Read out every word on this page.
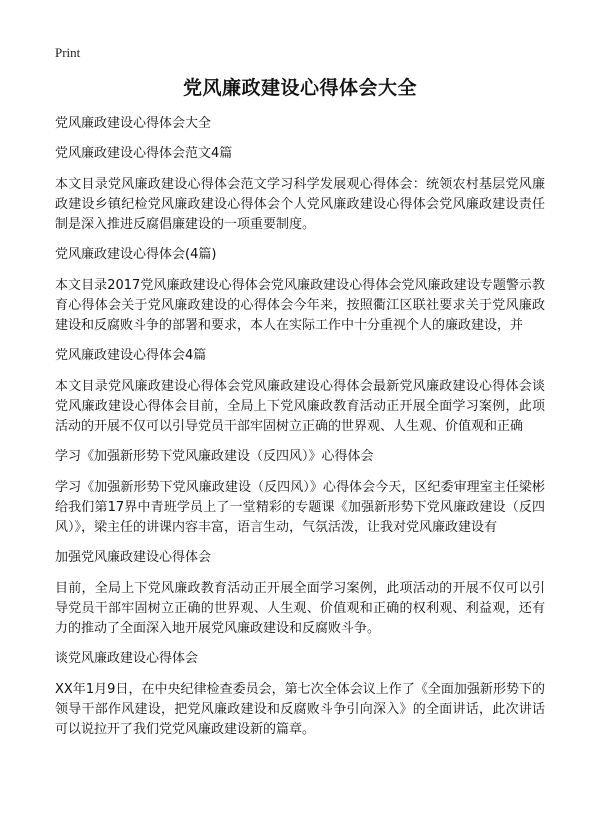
Print
党风廉政建设心得体会大全

党风廉政建设心得体会大全

党风廉政建设心得体会范文4篇

本文目录党风廉政建设心得体会范文学习科学发展观心得体会：统领农村基层党风廉政建设乡镇纪检党风廉政建设心得体会个人党风廉政建设心得体会党风廉政建设责任制是深入推进反腐倡廉建设的一项重要制度。

党风廉政建设心得体会(4篇)

本文目录2017党风廉政建设心得体会党风廉政建设心得体会党风廉政建设专题警示教育心得体会关于党风廉政建设的心得体会今年来，按照衢江区联社要求关于党风廉政建设和反腐败斗争的部署和要求，本人在实际工作中十分重视个人的廉政建设，并

党风廉政建设心得体会4篇

本文目录党风廉政建设心得体会党风廉政建设心得体会最新党风廉政建设心得体会谈党风廉政建设心得体会目前，全局上下党风廉政教育活动正开展全面学习案例，此项活动的开展不仅可以引导党员干部牢固树立正确的世界观、人生观、价值观和正确

学习《加强新形势下党风廉政建设（反四风）》心得体会

学习《加强新形势下党风廉政建设（反四风）》心得体会今天，区纪委审理室主任梁彬给我们第17界中青班学员上了一堂精彩的专题课《加强新形势下党风廉政建设（反四风）》，梁主任的讲课内容丰富，语言生动，气氛活泼，让我对党风廉政建设有

加强党风廉政建设心得体会

目前，全局上下党风廉政教育活动正开展全面学习案例，此项活动的开展不仅可以引导党员干部牢固树立正确的世界观、人生观、价值观和正确的权利观、利益观，还有力的推动了全面深入地开展党风廉政建设和反腐败斗争。

谈党风廉政建设心得体会

XX年1月9日，在中央纪律检查委员会，第七次全体会议上作了《全面加强新形势下的领导干部作风建设，把党风廉政建设和反腐败斗争引向深入》的全面讲话，此次讲话可以说拉开了我们党党风廉政建设新的篇章。
